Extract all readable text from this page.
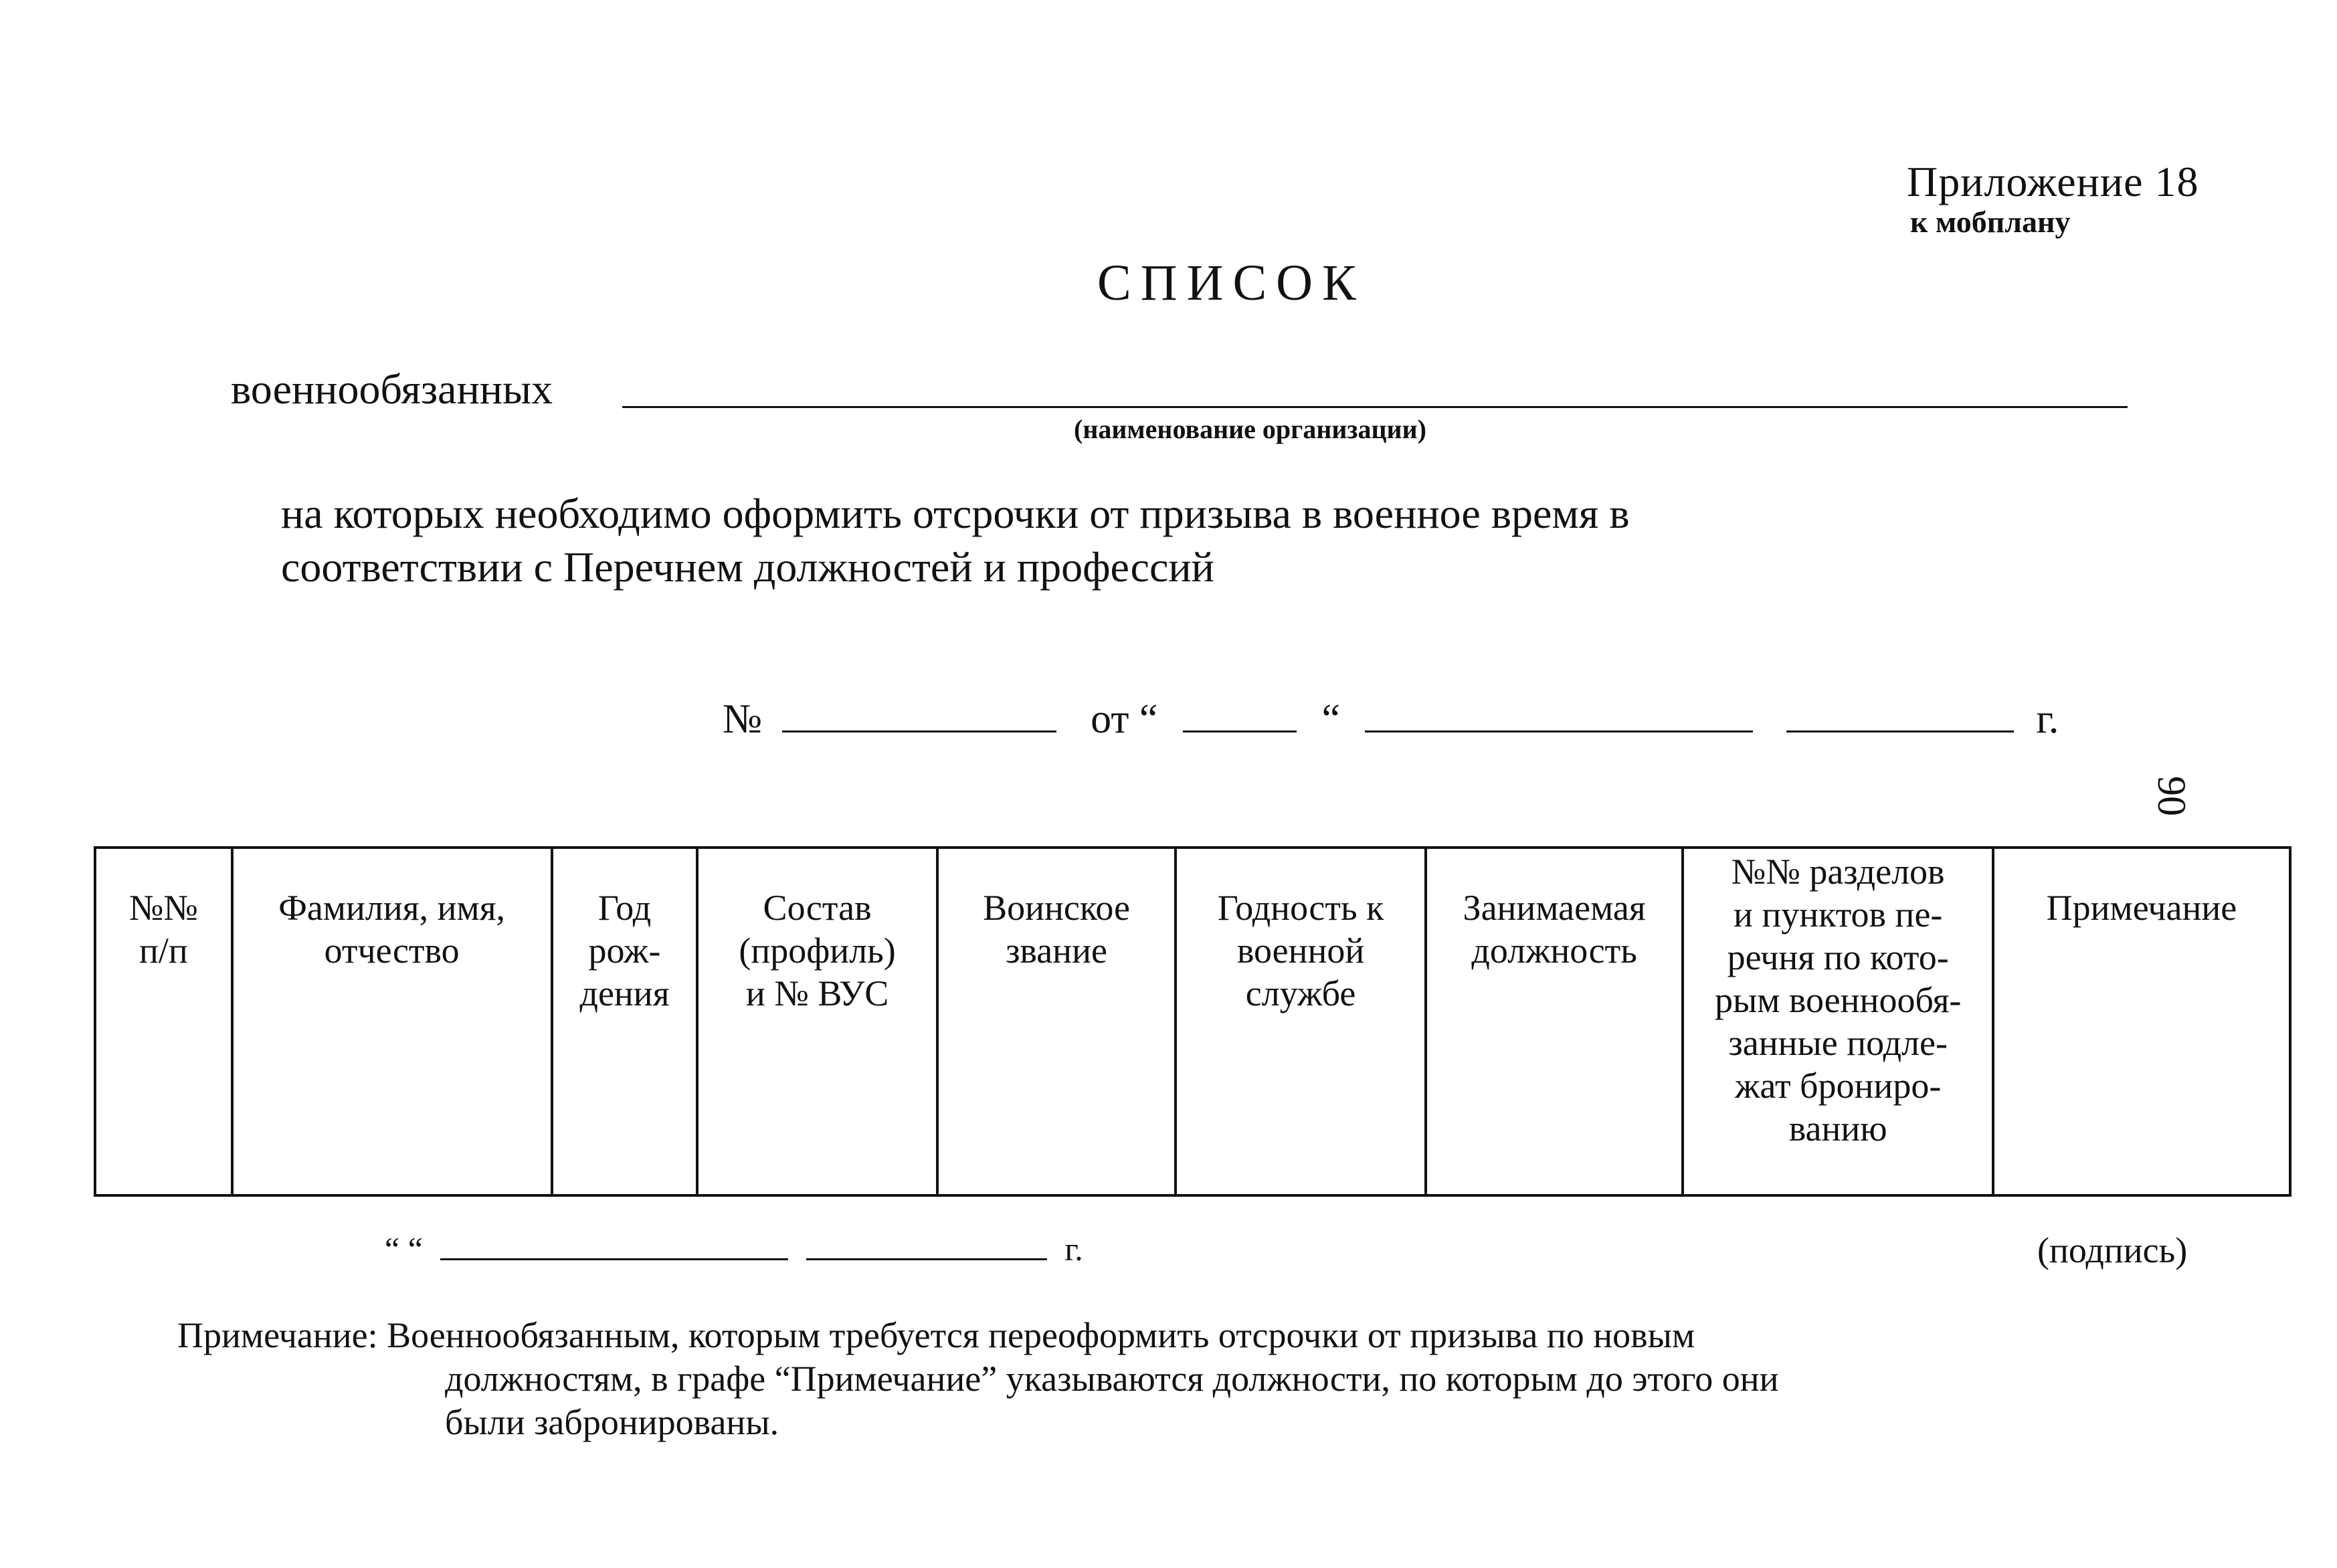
Приложение 18
к мобплану
СПИСОК
военнообязанных
(наименование организации)
на которых необходимо оформить отсрочки от призыва в военное время в
соответствии с Перечнем должностей и профессий
№	от “	“	г.
90
№№
п/п

Фамилия, имя,
отчество

Год
рож-
дения

Состав
(профиль)
и № ВУС

Воинское
звание

Годность к
военной
службе

Занимаемая
должность

№№ разделов
и пунктов пе-
речня по кото-
рым военнообя-
занные подле-
жат брониро-
ванию

Примечание
“ “	г.	(подпись)
Примечание: Военнообязанным, которым требуется переоформить отсрочки от призыва по новым
должностям, в графе “Примечание” указываются должности, по которым до этого они
были забронированы.
